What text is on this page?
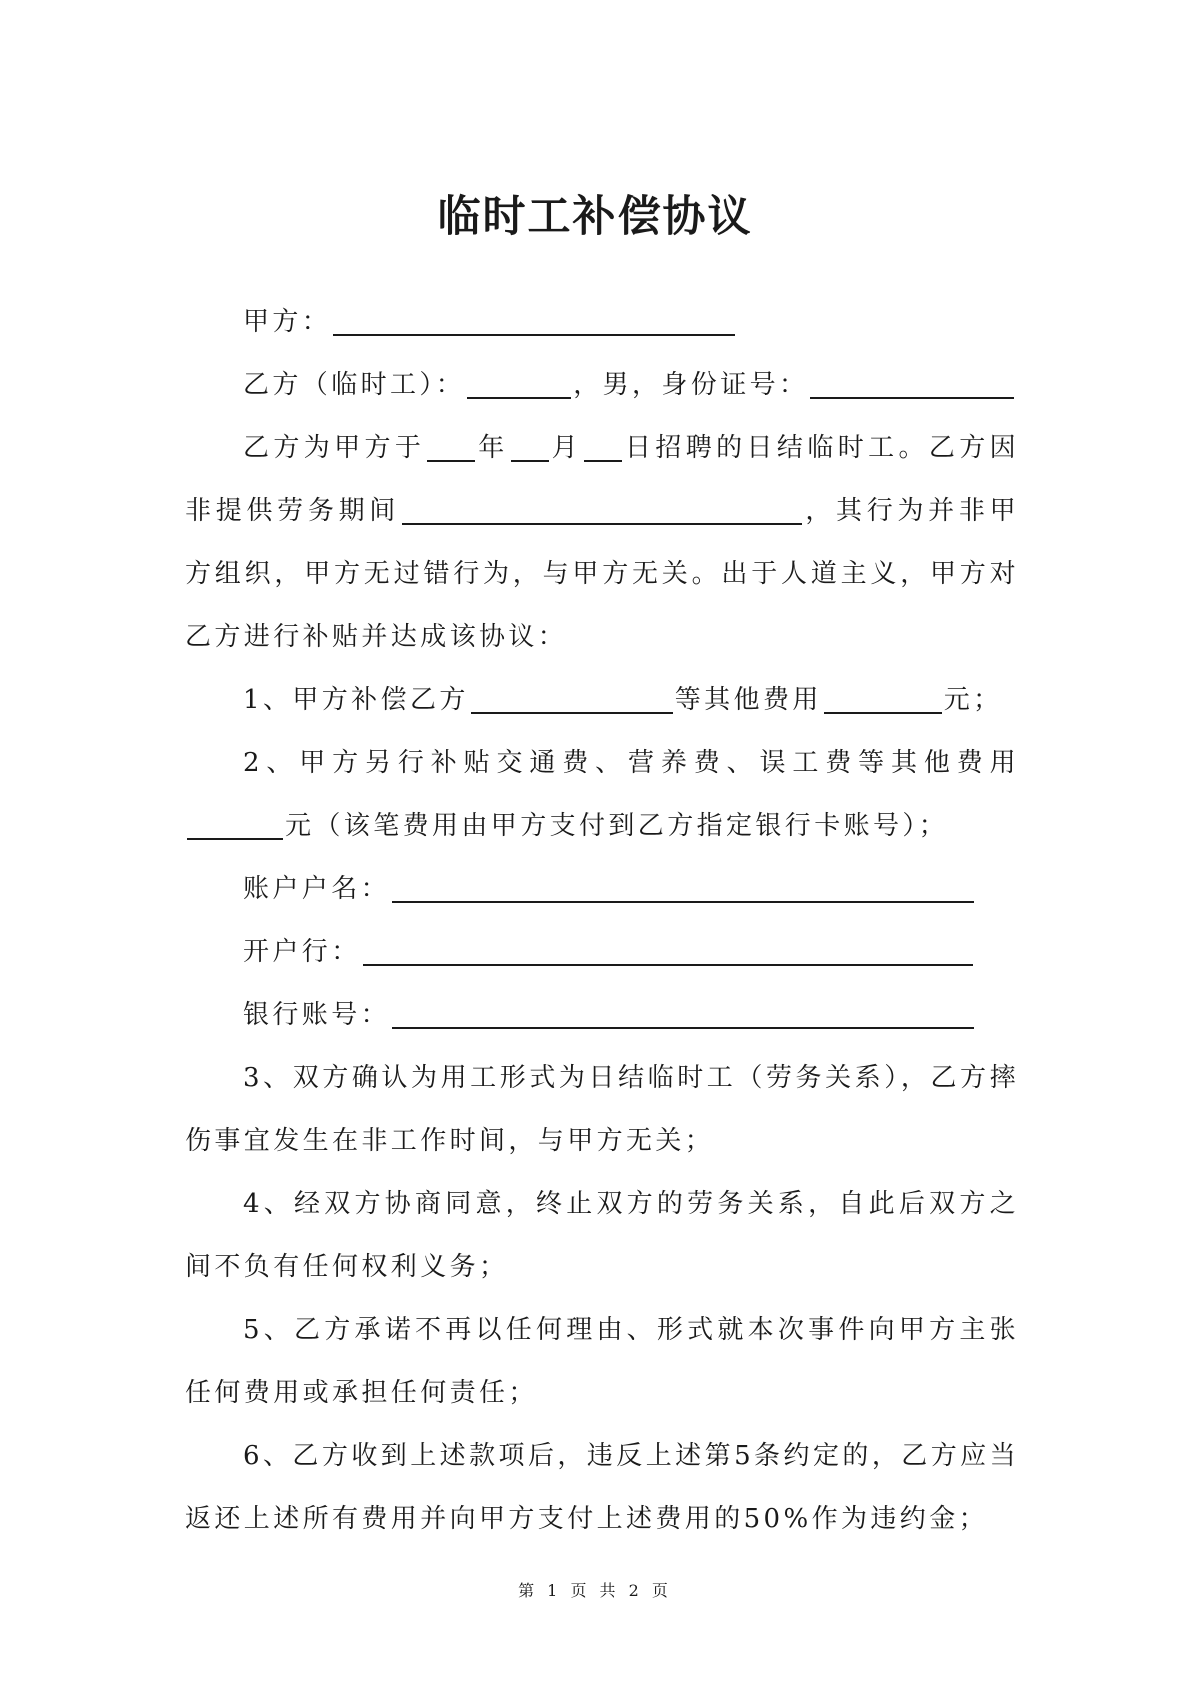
临时工补偿协议

甲方：

乙方（临时工）：	，男，身份证号：

乙方为甲方于 年 月 日招聘的日结临时工。乙方因非提供劳务期间	，其行为并非甲方组织，甲方无过错行为，与甲方无关。出于人道主义，甲方对乙方进行补贴并达成该协议：

1、甲方补偿乙方	等其他费用	元；

2、甲方另行补贴交通费、营养费、误工费等其他费用元（该笔费用由甲方支付到乙方指定银行卡账号）；

账户户名：

开户行：

银行账号：

3、双方确认为用工形式为日结临时工（劳务关系），乙方摔伤事宜发生在非工作时间，与甲方无关；

4、经双方协商同意，终止双方的劳务关系，自此后双方之间不负有任何权利义务；

5、乙方承诺不再以任何理由、形式就本次事件向甲方主张任何费用或承担任何责任；

6、乙方收到上述款项后，违反上述第5条约定的，乙方应当返还上述所有费用并向甲方支付上述费用的50%作为违约金；

第 1 页 共 2 页
